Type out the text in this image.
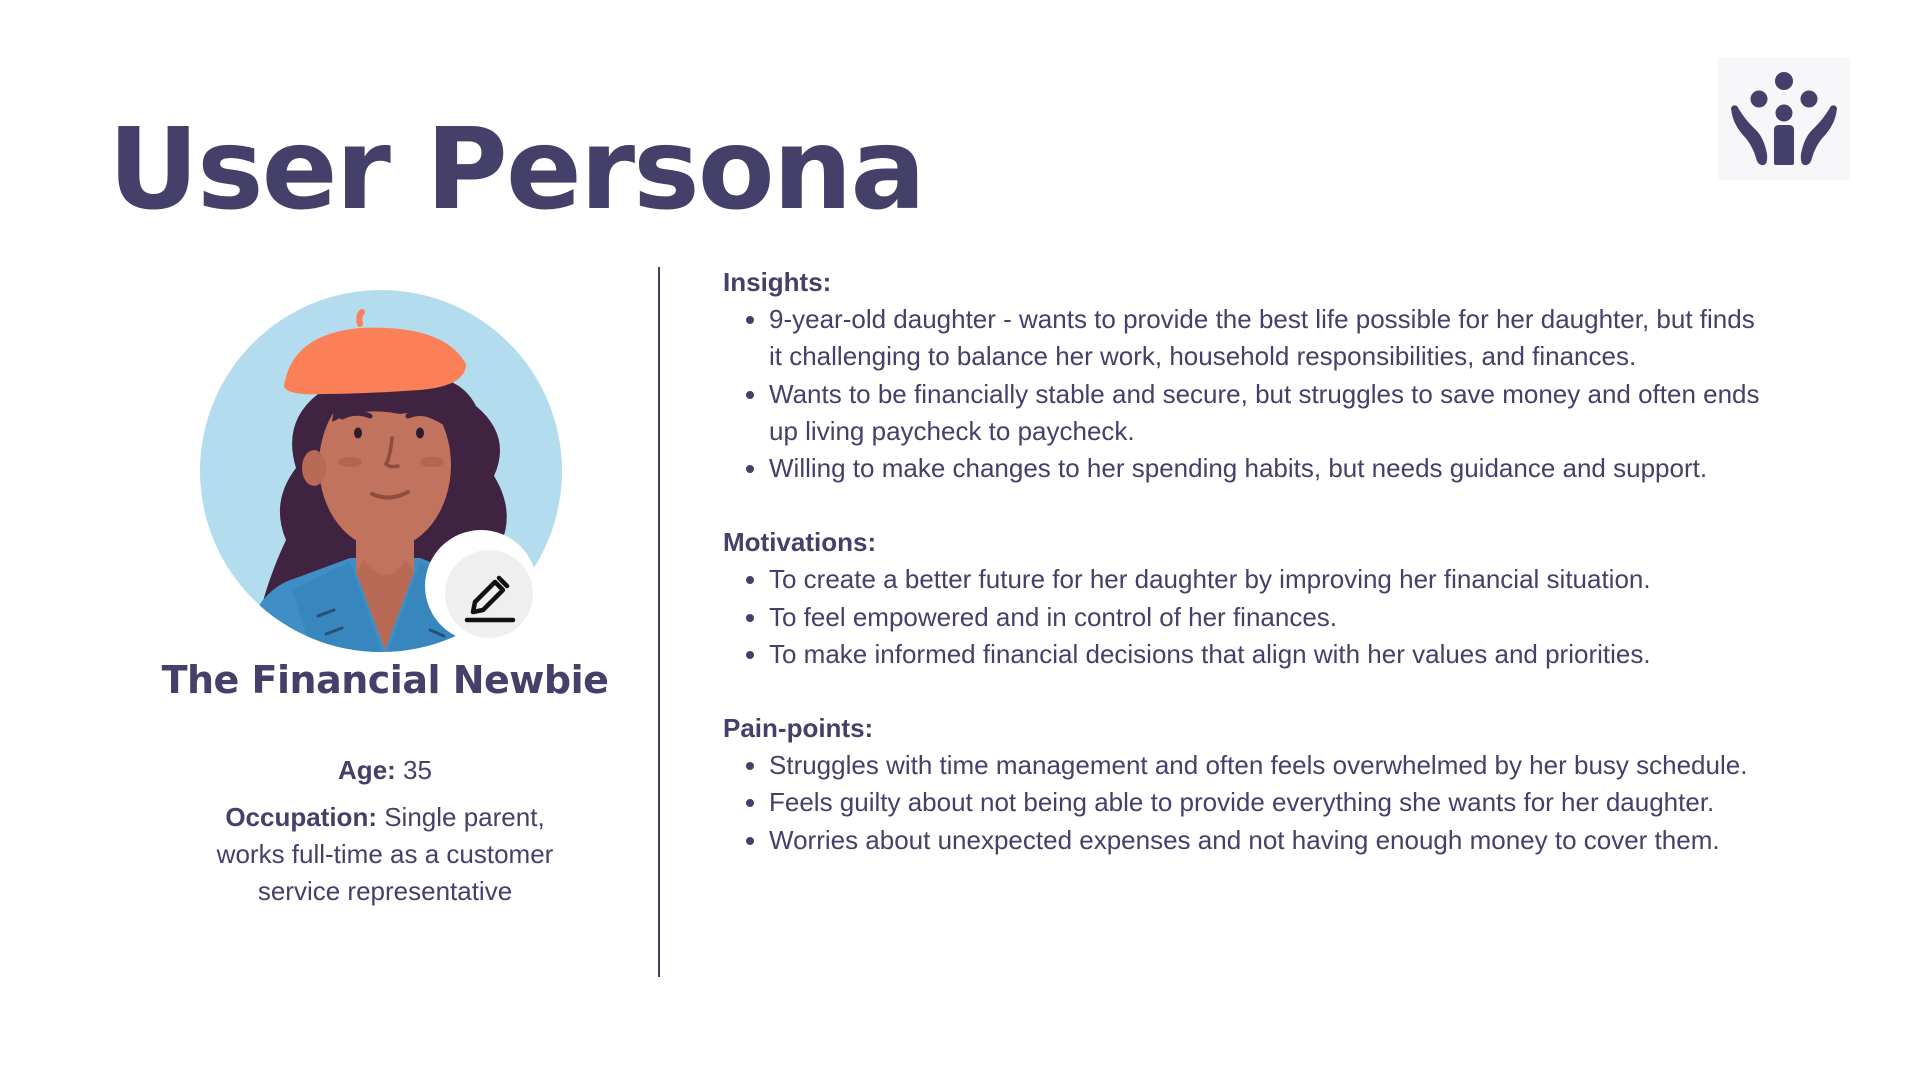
User Persona
The Financial Newbie

Age: 35

Occupation: Single parent, works full-time as a customer service representative

Insights:

9-year-old daughter - wants to provide the best life possible for her daughter, but finds it challenging to balance her work, household responsibilities, and finances.
Wants to be financially stable and secure, but struggles to save money and often ends up living paycheck to paycheck.
Willing to make changes to her spending habits, but needs guidance and support.

Motivations:

To create a better future for her daughter by improving her financial situation.
To feel empowered and in control of her finances.
To make informed financial decisions that align with her values and priorities.

Pain-points:

Struggles with time management and often feels overwhelmed by her busy schedule.
Feels guilty about not being able to provide everything she wants for her daughter.
Worries about unexpected expenses and not having enough money to cover them.
